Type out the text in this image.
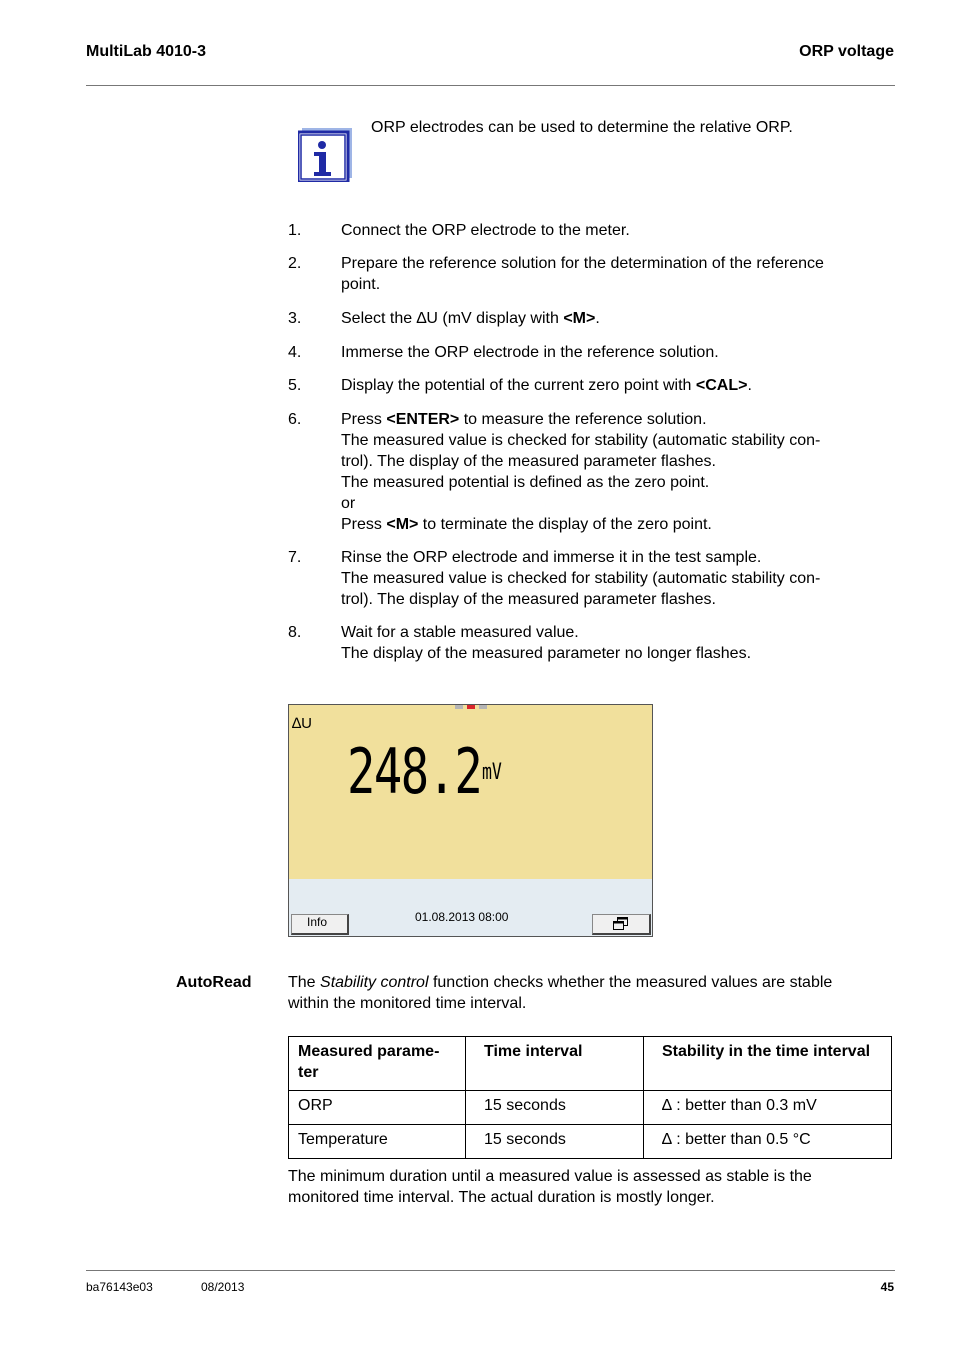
MultiLab 4010-3	ORP voltage
ORP electrodes can be used to determine the relative ORP.
1. Connect the ORP electrode to the meter.
2. Prepare the reference solution for the determination of the reference
point.
3. Select the ∆U (mV display with <M>.
4. Immerse the ORP electrode in the reference solution.
5. Display the potential of the current zero point with <CAL>.
6. Press <ENTER> to measure the reference solution.
The measured value is checked for stability (automatic stability con-
trol). The display of the measured parameter flashes.
The measured potential is defined as the zero point.
or
Press <M> to terminate the display of the zero point.
7. Rinse the ORP electrode and immerse it in the test sample.
The measured value is checked for stability (automatic stability con-
trol). The display of the measured parameter flashes.
8. Wait for a stable measured value.
The display of the measured parameter no longer flashes.
∆U
248.2 mV
01.08.2013 08:00
Info
AutoRead The Stability control function checks whether the measured values are stable
within the monitored time interval.
Measured parame-
ter	Time interval	Stability in the time interval
ORP	15 seconds	∆ : better than 0.3 mV
Temperature	15 seconds	∆ : better than 0.5 °C
The minimum duration until a measured value is assessed as stable is the
monitored time interval. The actual duration is mostly longer.
ba76143e03	08/2013	45
